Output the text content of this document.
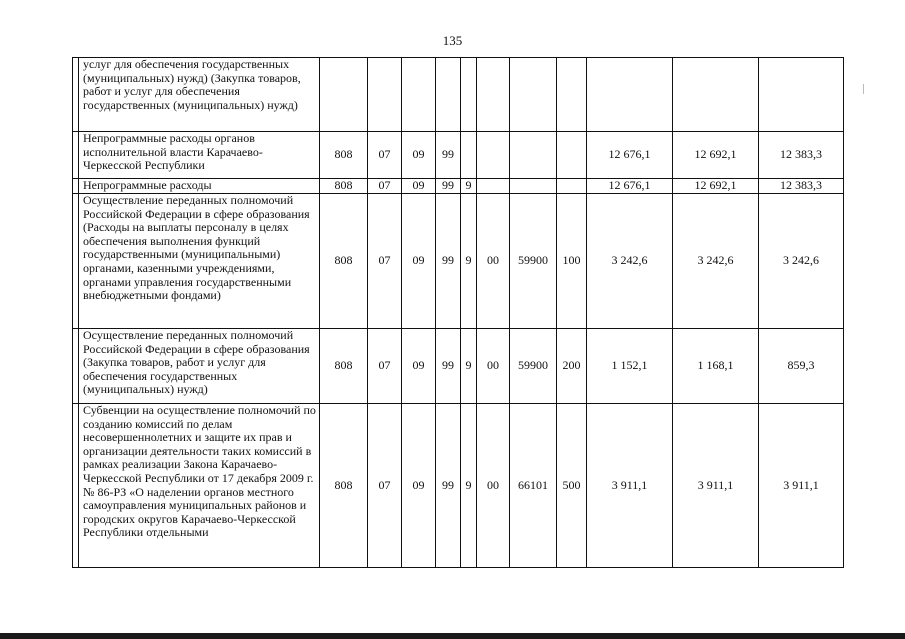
135
	услуг для обеспечения государственных (муниципальных) нужд) (Закупка товаров, работ и услуг для обеспечения государственных (муниципальных) нужд)											
	Непрограммные расходы органов исполнительной власти Карачаево-Черкесской Республики	808	07	09	99					12 676,1	12 692,1	12 383,3
	Непрограммные расходы	808	07	09	99	9				12 676,1	12 692,1	12 383,3
	Осуществление переданных полномочий Российской Федерации в сфере образования (Расходы на выплаты персоналу в целях обеспечения выполнения функций государственными (муниципальными) органами, казенными учреждениями, органами управления государственными внебюджетными фондами)	808	07	09	99	9	00	59900	100	3 242,6	3 242,6	3 242,6
	Осуществление переданных полномочий Российской Федерации в сфере образования (Закупка товаров, работ и услуг для обеспечения государственных (муниципальных) нужд)	808	07	09	99	9	00	59900	200	1 152,1	1 168,1	859,3
	Субвенции на осуществление полномочий по созданию комиссий по делам несовершеннолетних и защите их прав и организации деятельности таких комиссий в рамках реализации Закона Карачаево-Черкесской Республики от 17 декабря 2009 г. № 86-РЗ «О наделении органов местного самоуправления муниципальных районов и городских округов Карачаево-Черкесской Республики отдельными	808	07	09	99	9	00	66101	500	3 911,1	3 911,1	3 911,1
